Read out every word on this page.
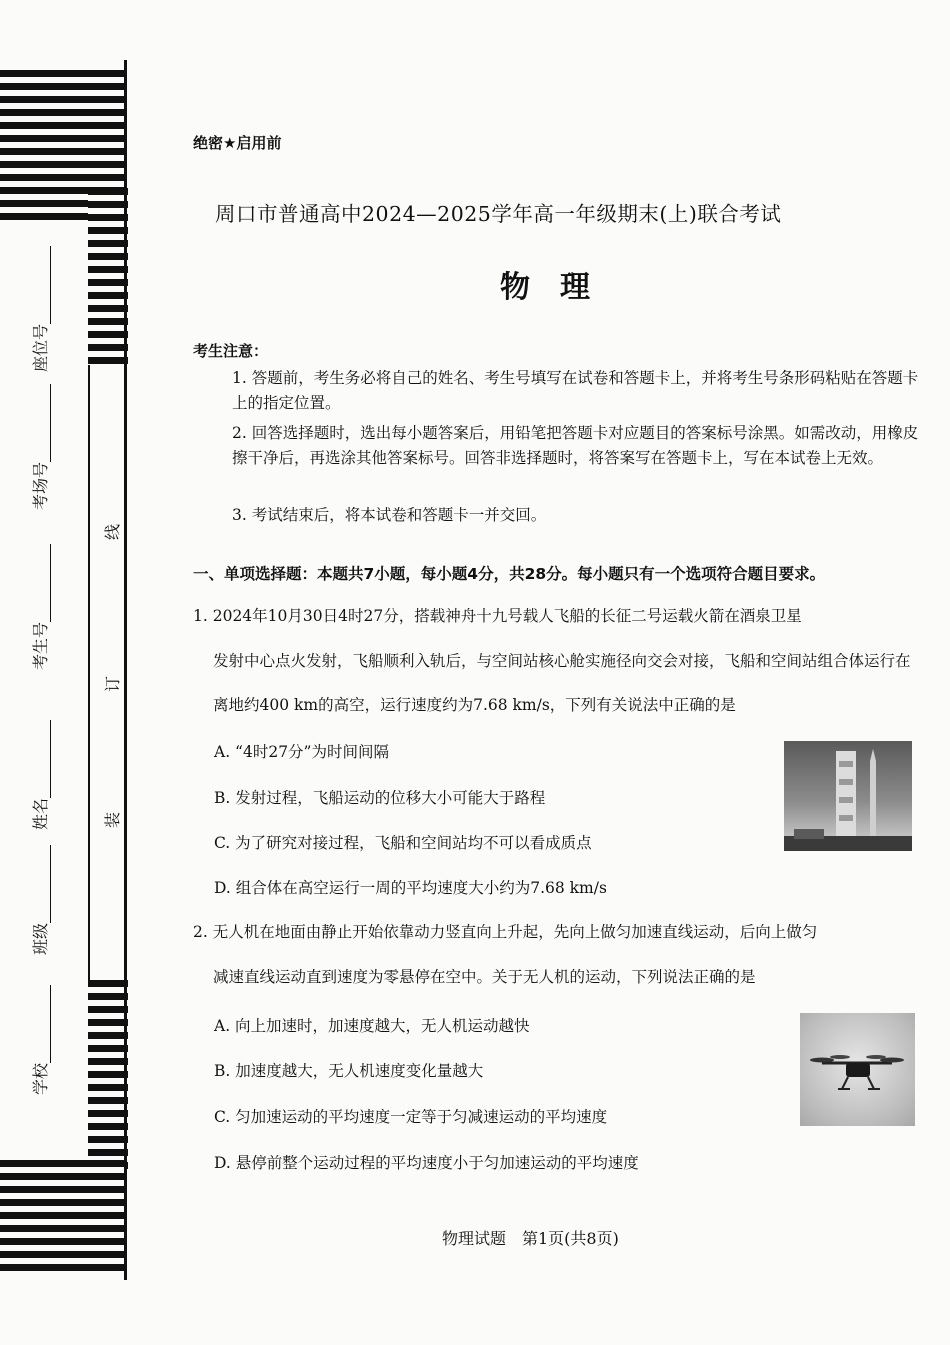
座位号
考场号
考生号
姓名
班级
学校
线
订
装
绝密★启用前
周口市普通高中2024—2025学年高一年级期末(上)联合考试
物理
考生注意：
1. 答题前，考生务必将自己的姓名、考生号填写在试卷和答题卡上，并将考生号条形码粘贴在答题卡上的指定位置。
2. 回答选择题时，选出每小题答案后，用铅笔把答题卡对应题目的答案标号涂黑。如需改动，用橡皮擦干净后，再选涂其他答案标号。回答非选择题时，将答案写在答题卡上，写在本试卷上无效。
3. 考试结束后，将本试卷和答题卡一并交回。
一、单项选择题：本题共7小题，每小题4分，共28分。每小题只有一个选项符合题目要求。
1. 2024年10月30日4时27分，搭载神舟十九号载人飞船的长征二号运载火箭在酒泉卫星
发射中心点火发射，飞船顺利入轨后，与空间站核心舱实施径向交会对接，飞船和空间站组合体运行在离地约400 km的高空，运行速度约为7.68 km/s，下列有关说法中正确的是
A. “4时27分”为时间间隔
B. 发射过程，飞船运动的位移大小可能大于路程
C. 为了研究对接过程，飞船和空间站均不可以看成质点
D. 组合体在高空运行一周的平均速度大小约为7.68 km/s
2. 无人机在地面由静止开始依靠动力竖直向上升起，先向上做匀加速直线运动，后向上做匀
减速直线运动直到速度为零悬停在空中。关于无人机的运动，下列说法正确的是
A. 向上加速时，加速度越大，无人机运动越快
B. 加速度越大，无人机速度变化量越大
C. 匀加速运动的平均速度一定等于匀减速运动的平均速度
D. 悬停前整个运动过程的平均速度小于匀加速运动的平均速度
物理试题　第1页(共8页)
